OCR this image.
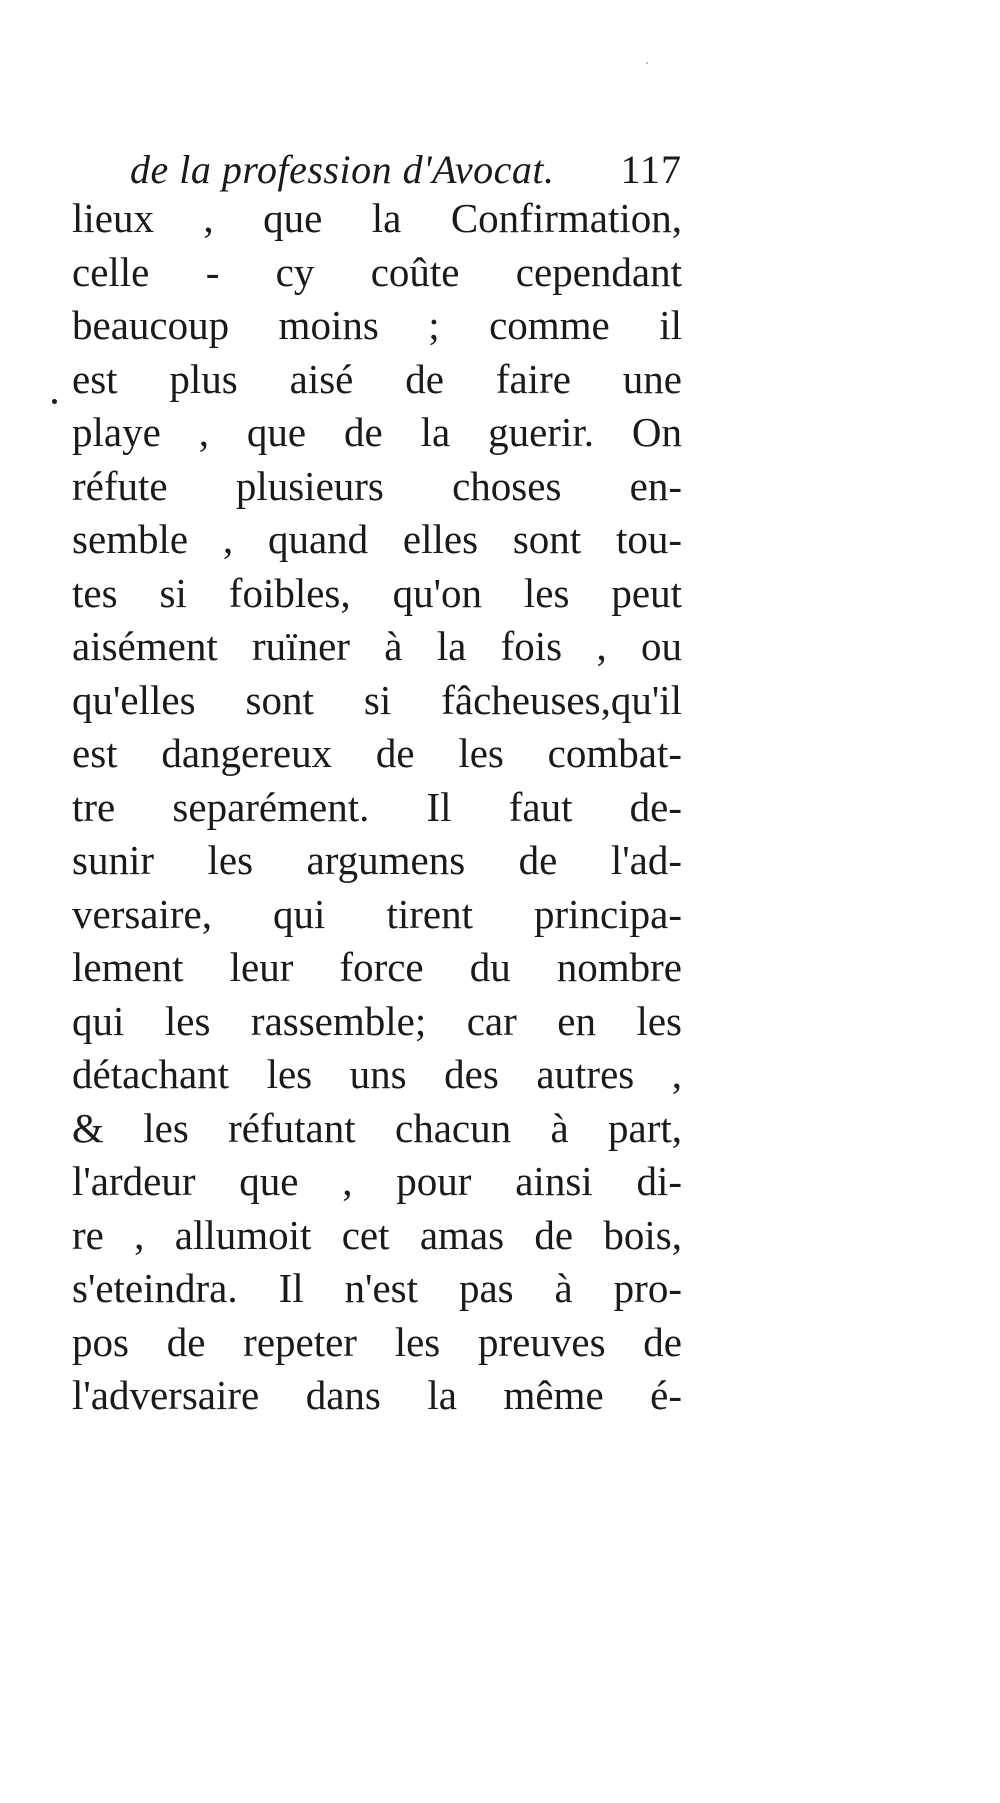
de la profession d'Avocat. 117
lieux , que la Confirmation,
celle - cy coûte cependant
beaucoup moins ; comme il
est plus aisé de faire une
playe , que de la guerir. On
réfute plusieurs choses en-
semble , quand elles sont tou-
tes si foibles, qu'on les peut
aisément ruïner à la fois , ou
qu'elles sont si fâcheuses,qu'il
est dangereux de les combat-
tre separément. Il faut de-
sunir les argumens de l'ad-
versaire, qui tirent principa-
lement leur force du nombre
qui les rassemble; car en les
détachant les uns des autres ,
& les réfutant chacun à part,
l'ardeur que , pour ainsi di-
re , allumoit cet amas de bois,
s'eteindra. Il n'est pas à pro-
pos de repeter les preuves de
l'adversaire dans la même é-
